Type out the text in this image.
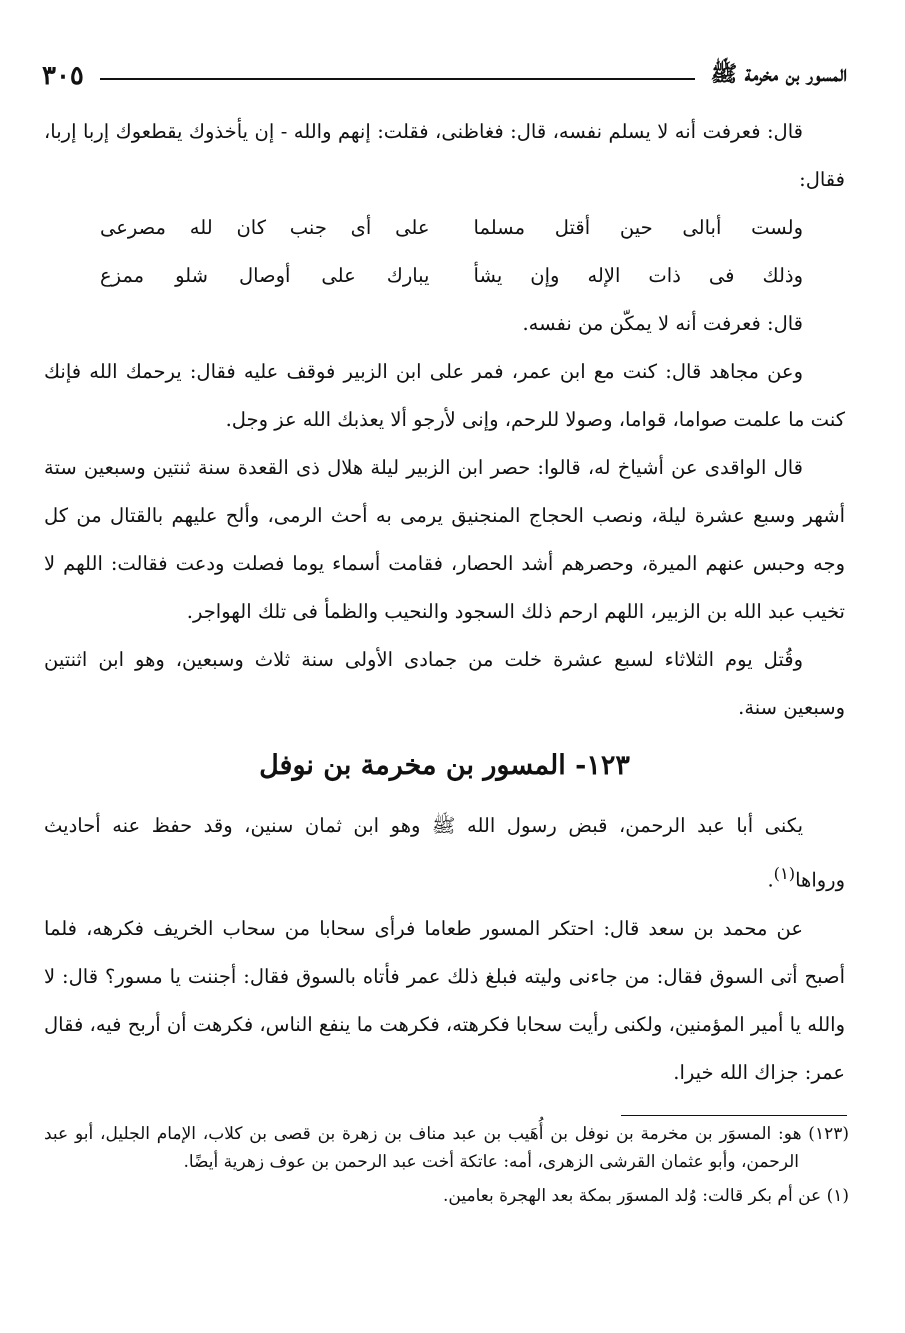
المسور بن مخرمة ﷺ
٣٠٥

قال: فعرفت أنه لا يسلم نفسه، قال: فغاظنى، فقلت: إنهم والله - إن يأخذوك يقطعوك إربا إربا، فقال:

ولست أبالى حين أقتل مسلما
على أى جنب كان لله مصرعى
وذلك فى ذات الإله وإن يشأ
يبارك على أوصال شلو ممزع

قال: فعرفت أنه لا يمكّن من نفسه.

وعن مجاهد قال: كنت مع ابن عمر، فمر على ابن الزبير فوقف عليه فقال: يرحمك الله فإنك كنت ما علمت صواما، قواما، وصولا للرحم، وإنى لأرجو ألا يعذبك الله عز وجل.

قال الواقدى عن أشياخ له، قالوا: حصر ابن الزبير ليلة هلال ذى القعدة سنة ثنتين وسبعين ستة أشهر وسبع عشرة ليلة، ونصب الحجاج المنجنيق يرمى به أحث الرمى، وألح عليهم بالقتال من كل وجه وحبس عنهم الميرة، وحصرهم أشد الحصار، فقامت أسماء يوما فصلت ودعت فقالت: اللهم لا تخيب عبد الله بن الزبير، اللهم ارحم ذلك السجود والنحيب والظمأ فى تلك الهواجر.

وقُتل يوم الثلاثاء لسبع عشرة خلت من جمادى الأولى سنة ثلاث وسبعين، وهو ابن اثنتين وسبعين سنة.

١٢٣- المسور بن مخرمة بن نوفل

يكنى أبا عبد الرحمن، قبض رسول الله ﷺ وهو ابن ثمان سنين، وقد حفظ عنه أحاديث ورواها$^{(١)}$.

عن محمد بن سعد قال: احتكر المسور طعاما فرأى سحابا من سحاب الخريف فكرهه، فلما أصبح أتى السوق فقال: من جاءنى وليته فبلغ ذلك عمر فأتاه بالسوق فقال: أجننت يا مسور؟ قال: لا والله يا أمير المؤمنين، ولكنى رأيت سحابا فكرهته، فكرهت ما ينفع الناس، فكرهت أن أربح فيه، فقال عمر: جزاك الله خيرا.

(١٢٣) هو: المسوَر بن مخرمة بن نوفل بن أُهَيب بن عبد مناف بن زهرة بن قصى بن كلاب، الإمام الجليل، أبو عبد الرحمن، وأبو عثمان القرشى الزهرى، أمه: عاتكة أخت عبد الرحمن بن عوف زهرية أيضًا.

(١) عن أم بكر قالت: وُلد المسوَر بمكة بعد الهجرة بعامين.
